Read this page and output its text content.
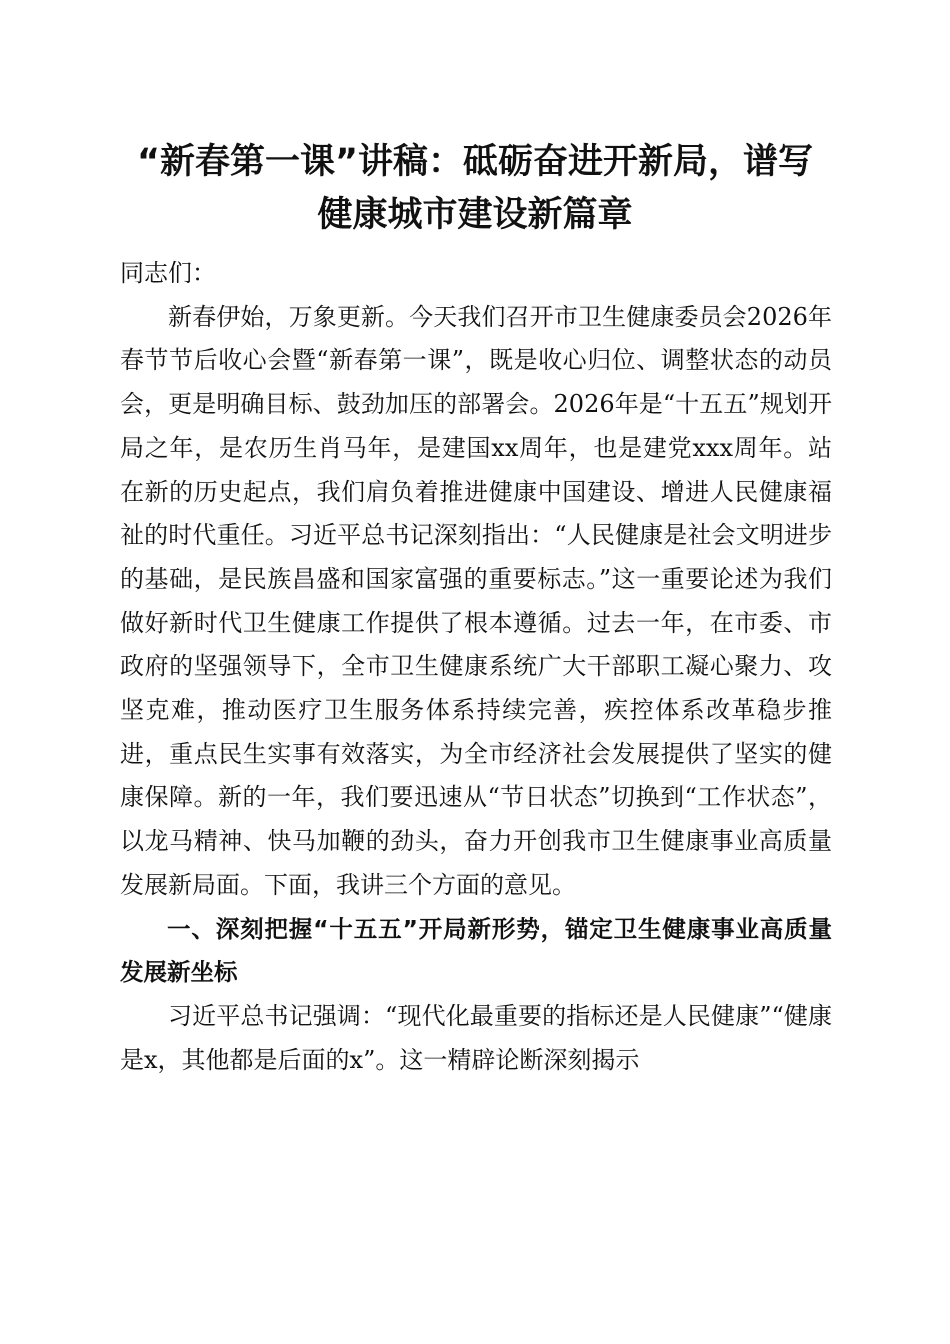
“新春第一课”讲稿：砥砺奋进开新局，谱写
健康城市建设新篇章

同志们：

新春伊始，万象更新。今天我们召开市卫生健康委员会2026年春节节后收心会暨“新春第一课”，既是收心归位、调整状态的动员会，更是明确目标、鼓劲加压的部署会。2026年是“十五五”规划开局之年，是农历生肖马年，是建国xx周年，也是建党xxx周年。站在新的历史起点，我们肩负着推进健康中国建设、增进人民健康福祉的时代重任。习近平总书记深刻指出：“人民健康是社会文明进步的基础，是民族昌盛和国家富强的重要标志。”这一重要论述为我们做好新时代卫生健康工作提供了根本遵循。过去一年，在市委、市政府的坚强领导下，全市卫生健康系统广大干部职工凝心聚力、攻坚克难，推动医疗卫生服务体系持续完善，疾控体系改革稳步推进，重点民生实事有效落实，为全市经济社会发展提供了坚实的健康保障。新的一年，我们要迅速从“节日状态”切换到“工作状态”，以龙马精神、快马加鞭的劲头，奋力开创我市卫生健康事业高质量发展新局面。下面，我讲三个方面的意见。

一、深刻把握“十五五”开局新形势，锚定卫生健康事业高质量发展新坐标

习近平总书记强调：“现代化最重要的指标还是人民健康”“健康是x，其他都是后面的x”。这一精辟论断深刻揭示
